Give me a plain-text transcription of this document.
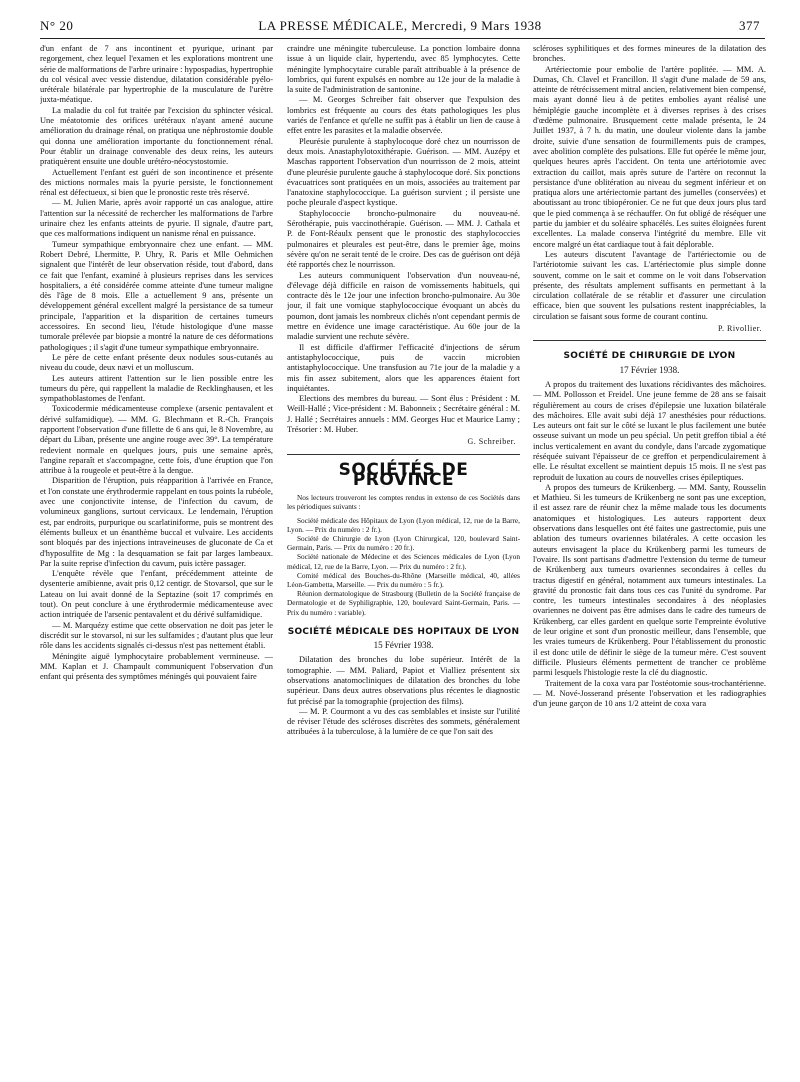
N° 20	LA PRESSE MÉDICALE, Mercredi, 9 Mars 1938	377

d'un enfant de 7 ans incontinent et pyurique, urinant par regorgement, chez lequel l'examen et les explorations montrent une série de malformations de l'arbre urinaire : hypospadias, hypertrophie du col vésical avec vessie distendue, dilatation considérable pyélo-urétérale bilatérale par hypertrophie de la musculature de l'urètre juxta-méatique.

La maladie du col fut traitée par l'excision du sphincter vésical. Une méatotomie des orifices urétéraux n'ayant amené aucune amélioration du drainage rénal, on pratiqua une néphrostomie double qui donna une amélioration importante du fonctionnement rénal. Pour établir un drainage convenable des deux reins, les auteurs pratiquèrent ensuite une double urétéro-néocystostomie.

Actuellement l'enfant est guéri de son incontinence et présente des mictions normales mais la pyurie persiste, le fonctionnement rénal est défectueux, si bien que le pronostic reste très réservé.

— M. Julien Marie, après avoir rapporté un cas analogue, attire l'attention sur la nécessité de rechercher les malformations de l'arbre urinaire chez les enfants atteints de pyurie. Il signale, d'autre part, que ces malformations indiquent un nanisme rénal en puissance.

Tumeur sympathique embryonnaire chez une enfant. — MM. Robert Debré, Lhermitte, P. Uhry, R. Paris et Mlle Oehmichen signalent que l'intérêt de leur observation réside, tout d'abord, dans ce fait que l'enfant, examiné à plusieurs reprises dans les services hospitaliers, a été considérée comme atteinte d'une tumeur maligne dès l'âge de 8 mois. Elle a actuellement 9 ans, présente un développement général excellent malgré la persistance de sa tumeur principale, l'apparition et la disparition de certaines tumeurs accessoires. En second lieu, l'étude histologique d'une masse tumorale prélevée par biopsie a montré la nature de ces déformations pathologiques ; il s'agit d'une tumeur sympathique embryonnaire.

Le père de cette enfant présente deux nodules sous-cutanés au niveau du coude, deux nævi et un molluscum.

Les auteurs attirent l'attention sur le lien possible entre les tumeurs du père, qui rappellent la maladie de Recklinghausen, et les sympathoblastomes de l'enfant.

Toxicodermie médicamenteuse complexe (arsenic pentavalent et dérivé sulfamidique). — MM. G. Blechmann et R.-Ch. François rapportent l'observation d'une fillette de 6 ans qui, le 8 Novembre, au départ du Liban, présente une angine rouge avec 39°. La température redevient normale en quelques jours, puis une semaine après, l'angine reparaît et s'accompagne, cette fois, d'une éruption que l'on attribue à la rougeole et peut-être à la dengue.

Disparition de l'éruption, puis réapparition à l'arrivée en France, et l'on constate une érythrodermie rappelant en tous points la rubéole, avec une conjonctivite intense, de l'infection du cavum, de volumineux ganglions, surtout cervicaux. Le lendemain, l'éruption est, par endroits, purpurique ou scarlatiniforme, puis se montrent des éléments bulleux et un énanthème buccal et vulvaire. Les accidents sont bloqués par des injections intraveineuses de gluconate de Ca et d'hyposulfite de Mg : la desquamation se fait par larges lambeaux. Par la suite reprise d'infection du cavum, puis ictère passager.

L'enquête révèle que l'enfant, précédemment atteinte de dysenterie amibienne, avait pris 0,12 centigr. de Stovarsol, que sur le Lateau on lui avait donné de la Septazine (soit 17 comprimés en tout). On peut conclure à une érythrodermie médicamenteuse avec action intriquée de l'arsenic pentavalent et du dérivé sulfamidique.

— M. Marquézy estime que cette observation ne doit pas jeter le discrédit sur le stovarsol, ni sur les sulfamides ; d'autant plus que leur rôle dans les accidents signalés ci-dessus n'est pas nettement établi.

Méningite aiguë lymphocytaire probablement vermineuse. — MM. Kaplan et J. Champault communiquent l'observation d'un enfant qui présenta des symptômes méningés qui pouvaient faire

craindre une méningite tuberculeuse. La ponction lombaire donna issue à un liquide clair, hypertendu, avec 85 lymphocytes. Cette méningite lymphocytaire curable paraît attribuable à la présence de lombrics, qui furent expulsés en nombre au 12e jour de la maladie à la suite de l'administration de santonine.

— M. Georges Schreiber fait observer que l'expulsion des lombrics est fréquente au cours des états pathologiques les plus variés de l'enfance et qu'elle ne suffit pas à établir un lien de cause à effet entre les parasites et la maladie observée.

Pleurésie purulente à staphylocoque doré chez un nourrisson de deux mois. Anastaphylotoxithérapie. Guérison. — MM. Auzépy et Maschas rapportent l'observation d'un nourrisson de 2 mois, atteint d'une pleurésie purulente gauche à staphylocoque doré. Six ponctions évacuatrices sont pratiquées en un mois, associées au traitement par l'anatoxine staphylococcique. La guérison survient ; il persiste une poche pleurale d'aspect kystique.

Staphylococcie broncho-pulmonaire du nouveau-né. Sérothérapie, puis vaccinothérapie. Guérison. — MM. J. Cathala et P. de Font-Réaulx pensent que le pronostic des staphylococcies pulmonaires et pleurales est peut-être, dans le premier âge, moins sévère qu'on ne serait tenté de le croire. Des cas de guérison ont déjà été rapportés chez le nourrisson.

Les auteurs communiquent l'observation d'un nouveau-né, d'élevage déjà difficile en raison de vomissements habituels, qui contracte dès le 12e jour une infection broncho-pulmonaire. Au 30e jour, il fait une vomique staphylococcique évoquant un abcès du poumon, dont jamais les nombreux clichés n'ont cependant permis de mettre en évidence une image caractéristique. Au 60e jour de la maladie survient une rechute sévère.

Il est difficile d'affirmer l'efficacité d'injections de sérum antistaphylococcique, puis de vaccin microbien antistaphylococcique. Une transfusion au 71e jour de la maladie y a mis fin assez subitement, alors que les apparences étaient fort inquiétantes.

Elections des membres du bureau. — Sont élus : Président : M. Weill-Hallé ; Vice-président : M. Babonneix ; Secrétaire général : M. J. Hallé ; Secrétaires annuels : MM. Georges Huc et Maurice Lamy ; Trésorier : M. Huber.

G. Schreiber.

SOCIÉTÉS DE PROVINCE

Nos lecteurs trouveront les comptes rendus in extenso de ces Sociétés dans les périodiques suivants :

Société médicale des Hôpitaux de Lyon (Lyon médical, 12, rue de la Barre, Lyon. — Prix du numéro : 2 fr.).

Société de Chirurgie de Lyon (Lyon Chirurgical, 120, boulevard Saint-Germain, Paris. — Prix du numéro : 20 fr.).

Société nationale de Médecine et des Sciences médicales de Lyon (Lyon médical, 12, rue de la Barre, Lyon. — Prix du numéro : 2 fr.).

Comité médical des Bouches-du-Rhône (Marseille médical, 40, allées Léon-Gambetta, Marseille. — Prix du numéro : 5 fr.).

Réunion dermatologique de Strasbourg (Bulletin de la Société française de Dermatologie et de Syphiligraphie, 120, boulevard Saint-Germain, Paris. — Prix du numéro : variable).

SOCIÉTÉ MÉDICALE DES HOPITAUX DE LYON
15 Février 1938.

Dilatation des bronches du lobe supérieur. Intérêt de la tomographie. — MM. Paliard, Papiot et Vialliez présentent six observations anatomocliniques de dilatation des bronches du lobe supérieur. Dans deux autres observations plus récentes le diagnostic fut précisé par la tomographie (projection des films).

— M. P. Courmont a vu des cas semblables et insiste sur l'utilité de réviser l'étude des scléroses discrètes des sommets, généralement attribuées à la tuberculose, à la lumière de ce que l'on sait des

scléroses syphilitiques et des formes mineures de la dilatation des bronches.

Artériectomie pour embolie de l'artère poplitée. — MM. A. Dumas, Ch. Clavel et Francillon. Il s'agit d'une malade de 59 ans, atteinte de rétrécissement mitral ancien, relativement bien compensé, mais ayant donné lieu à de petites embolies ayant réalisé une hémiplégie gauche incomplète et à diverses reprises à des crises d'œdème pulmonaire. Brusquement cette malade présenta, le 24 Juillet 1937, à 7 h. du matin, une douleur violente dans la jambe droite, suivie d'une sensation de fourmillements puis de crampes, avec abolition complète des pulsations. Elle fut opérée le même jour, quelques heures après l'accident. On tenta une artériotomie avec extraction du caillot, mais après suture de l'artère on reconnut la persistance d'une oblitération au niveau du segment inférieur et on pratiqua alors une artériectomie partant des jumelles (conservées) et aboutissant au tronc tibiopéronier. Ce ne fut que deux jours plus tard que le pied commença à se réchauffer. On fut obligé de réséquer une partie du jambier et du soléaire sphacélés. Les suites éloignées furent excellentes. La malade conserva l'intégrité du membre. Elle vit encore malgré un état cardiaque tout à fait déplorable.

Les auteurs discutent l'avantage de l'artériectomie ou de l'artériotomie suivant les cas. L'artériectomie plus simple donne souvent, comme on le sait et comme on le voit dans l'observation présente, des résultats amplement suffisants en permettant à la circulation collatérale de se rétablir et d'assurer une circulation efficace, bien que souvent les pulsations restent inappréciables, la circulation se faisant sous forme de courant continu.

P. Rivollier.

SOCIÉTÉ DE CHIRURGIE DE LYON
17 Février 1938.

A propos du traitement des luxations récidivantes des mâchoires. — MM. Pollosson et Freidel. Une jeune femme de 28 ans se faisait régulièrement au cours de crises d'épilepsie une luxation bilatérale des mâchoires. Elle avait subi déjà 17 anesthésies pour réductions. Les auteurs ont fait sur le côté se luxant le plus facilement une butée osseuse suivant un mode un peu spécial. Un petit greffon tibial a été inclus verticalement en avant du condyle, dans l'arcade zygomatique réséquée suivant l'épaisseur de ce greffon et perpendiculairement à elle. Le résultat excellent se maintient depuis 15 mois. Il ne s'est pas reproduit de luxation au cours de nouvelles crises épileptiques.

A propos des tumeurs de Krükenberg. — MM. Santy, Rousselin et Mathieu. Si les tumeurs de Krükenberg ne sont pas une exception, il est assez rare de réunir chez la même malade tous les documents anatomiques et histologiques. Les auteurs rapportent deux observations dans lesquelles ont été faites une gastrectomie, puis une ablation des tumeurs ovariennes bilatérales. A cette occasion les auteurs envisagent la place du Krükenberg parmi les tumeurs de l'ovaire. Ils sont partisans d'admettre l'extension du terme de tumeur de Krükenberg aux tumeurs ovariennes secondaires à celles du tractus digestif en général, notamment aux tumeurs intestinales. La gravité du pronostic fait dans tous ces cas l'unité du syndrome. Par contre, les tumeurs intestinales secondaires à des néoplasies ovariennes ne doivent pas être admises dans le cadre des tumeurs de Krükenberg, car elles gardent en quelque sorte l'empreinte évolutive de leur origine et sont d'un pronostic meilleur, dans l'ensemble, que les vraies tumeurs de Krükenberg. Pour l'établissement du pronostic il est donc utile de définir le siège de la tumeur mère. C'est souvent difficile. Plusieurs éléments permettent de trancher ce problème parmi lesquels l'histologie reste la clé du diagnostic.

Traitement de la coxa vara par l'ostéotomie sous-trochantérienne. — M. Nové-Josserand présente l'observation et les radiographies d'un jeune garçon de 10 ans 1/2 atteint de coxa vara
